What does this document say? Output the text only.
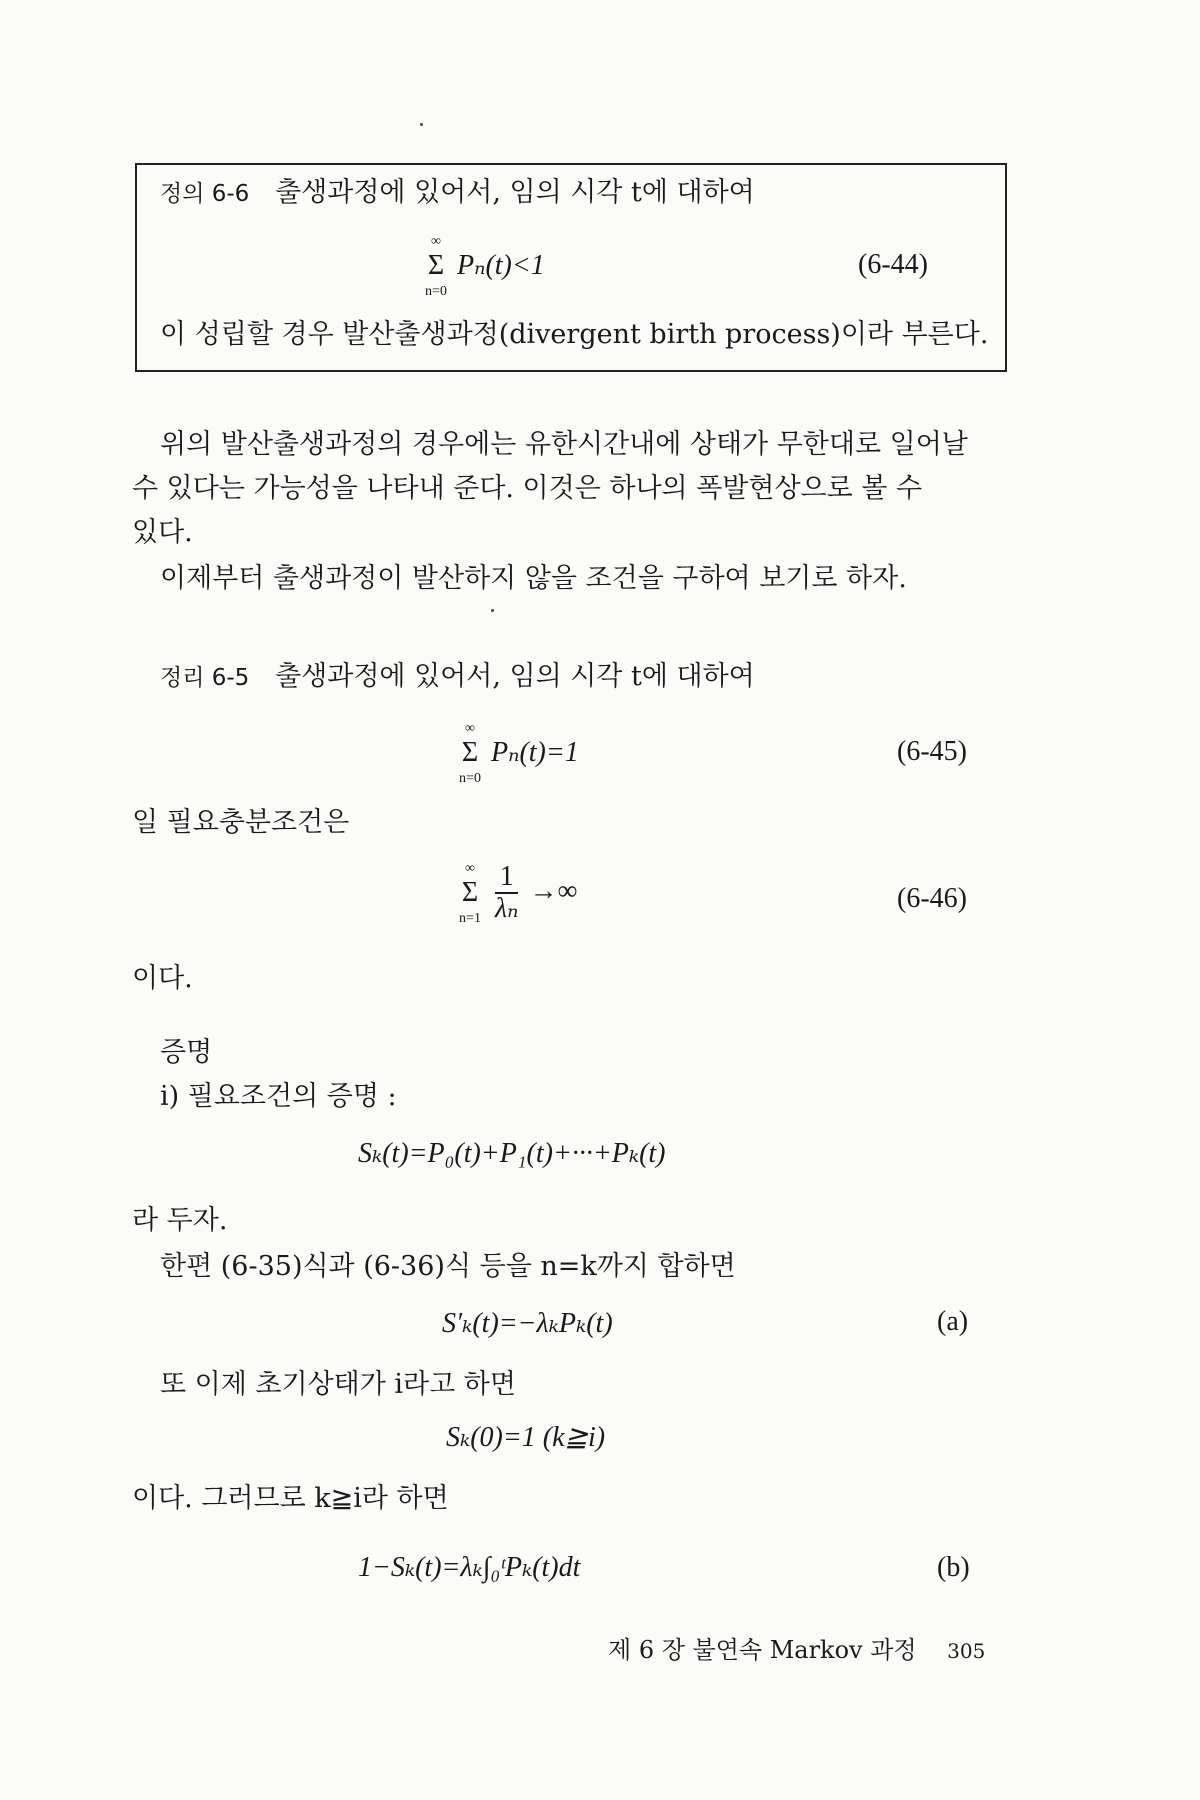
정의 6-6 출생과정에 있어서, 임의 시각 t에 대하여
∞
Σ
n=0
Pₙ(t)<1	(6-44)
이 성립할 경우 발산출생과정(divergent birth process)이라 부른다.
위의 발산출생과정의 경우에는 유한시간내에 상태가 무한대로 일어날
수 있다는 가능성을 나타내 준다. 이것은 하나의 폭발현상으로 볼 수
있다.
이제부터 출생과정이 발산하지 않을 조건을 구하여 보기로 하자.
정리 6-5 출생과정에 있어서, 임의 시각 t에 대하여
∞
Σ
n=0
Pₙ(t)=1	(6-45)
일 필요충분조건은
∞
Σ
n=1
$\frac{1}{\text{λₙ}}$ →∞	(6-46)
이다.
증명
i) 필요조건의 증명 :
Sₖ(t)=P₀(t)+P₁(t)+···+Pₖ(t)
라 두자.
한편 (6-35)식과 (6-36)식 등을 n=k까지 합하면
S′ₖ(t)=−λₖPₖ(t)	(a)
또 이제 초기상태가 i라고 하면
Sₖ(0)=1 (k≧i)
이다. 그러므로 k≧i라 하면
1−Sₖ(t)=λₖ∫₀ᵗPₖ(t)dt	(b)
제 6 장 불연속 Markov 과정 305
